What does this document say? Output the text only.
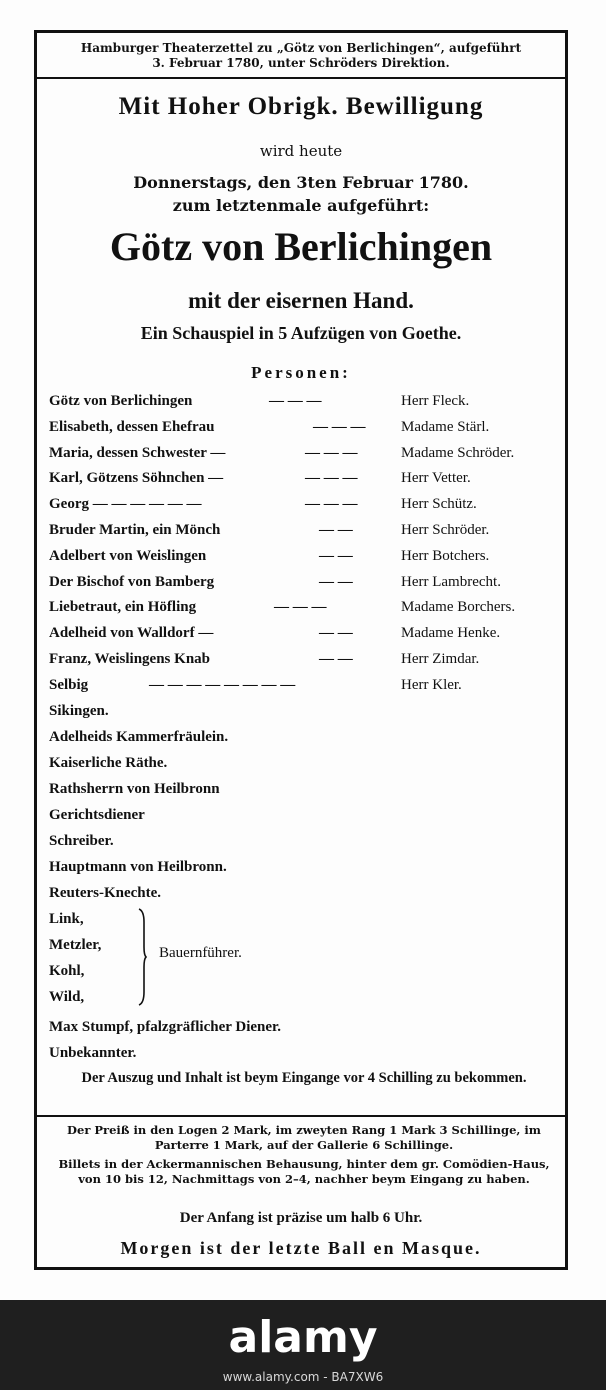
Hamburger Theaterzettel zu „Götz von Berlichingen“, aufgeführt
3. Februar 1780, unter Schröders Direktion.
Mit Hoher Obrigk. Bewilligung
wird heute
Donnerstags, den 3ten Februar 1780.
zum letztenmale aufgeführt:
Götz von Berlichingen
mit der eisernen Hand.
Ein Schauspiel in 5 Aufzügen von Goethe.
Personen:
Götz von Berlichingen	— — —	Herr Fleck.
Elisabeth, dessen Ehefrau	— — — Madame Stärl.
Maria, dessen Schwester —	— — —	Madame Schröder.
Karl, Götzens Söhnchen —	— — —	Herr Vetter.
Georg — — — — — —	— — —	Herr Schütz.
Bruder Martin, ein Mönch	— —	Herr Schröder.
Adelbert von Weislingen	— —	Herr Botchers.
Der Bischof von Bamberg	— —	Herr Lambrecht.
Liebetraut, ein Höfling	— — —	Madame Borchers.
Adelheid von Walldorf —	— —	Madame Henke.
Franz, Weislingens Knab	— —	Herr Zimdar.
Selbig	— — — — — — — —	Herr Kler.
Sikingen.
Adelheids Kammerfräulein.
Kaiserliche Räthe.
Rathsherrn von Heilbronn
Gerichtsdiener
Schreiber.
Hauptmann von Heilbronn.
Reuters-Knechte.
Link,
Metzler,
Kohl,
Wild,
Bauernführer.
Max Stumpf, pfalzgräflicher Diener.
Unbekannter.
Der Auszug und Inhalt ist beym Eingange vor 4 Schilling zu bekommen.
Der Preiß in den Logen 2 Mark, im zweyten Rang 1 Mark 3 Schillinge, im Parterre 1 Mark, auf der Gallerie 6 Schillinge.
Billets in der Ackermannischen Behausung, hinter dem gr. Comödien-Haus, von 10 bis 12, Nachmittags von 2–4, nachher beym Eingang zu haben.
Der Anfang ist präzise um halb 6 Uhr.
Morgen ist der letzte Ball en Masque.
alamy
www.alamy.com - BA7XW6
